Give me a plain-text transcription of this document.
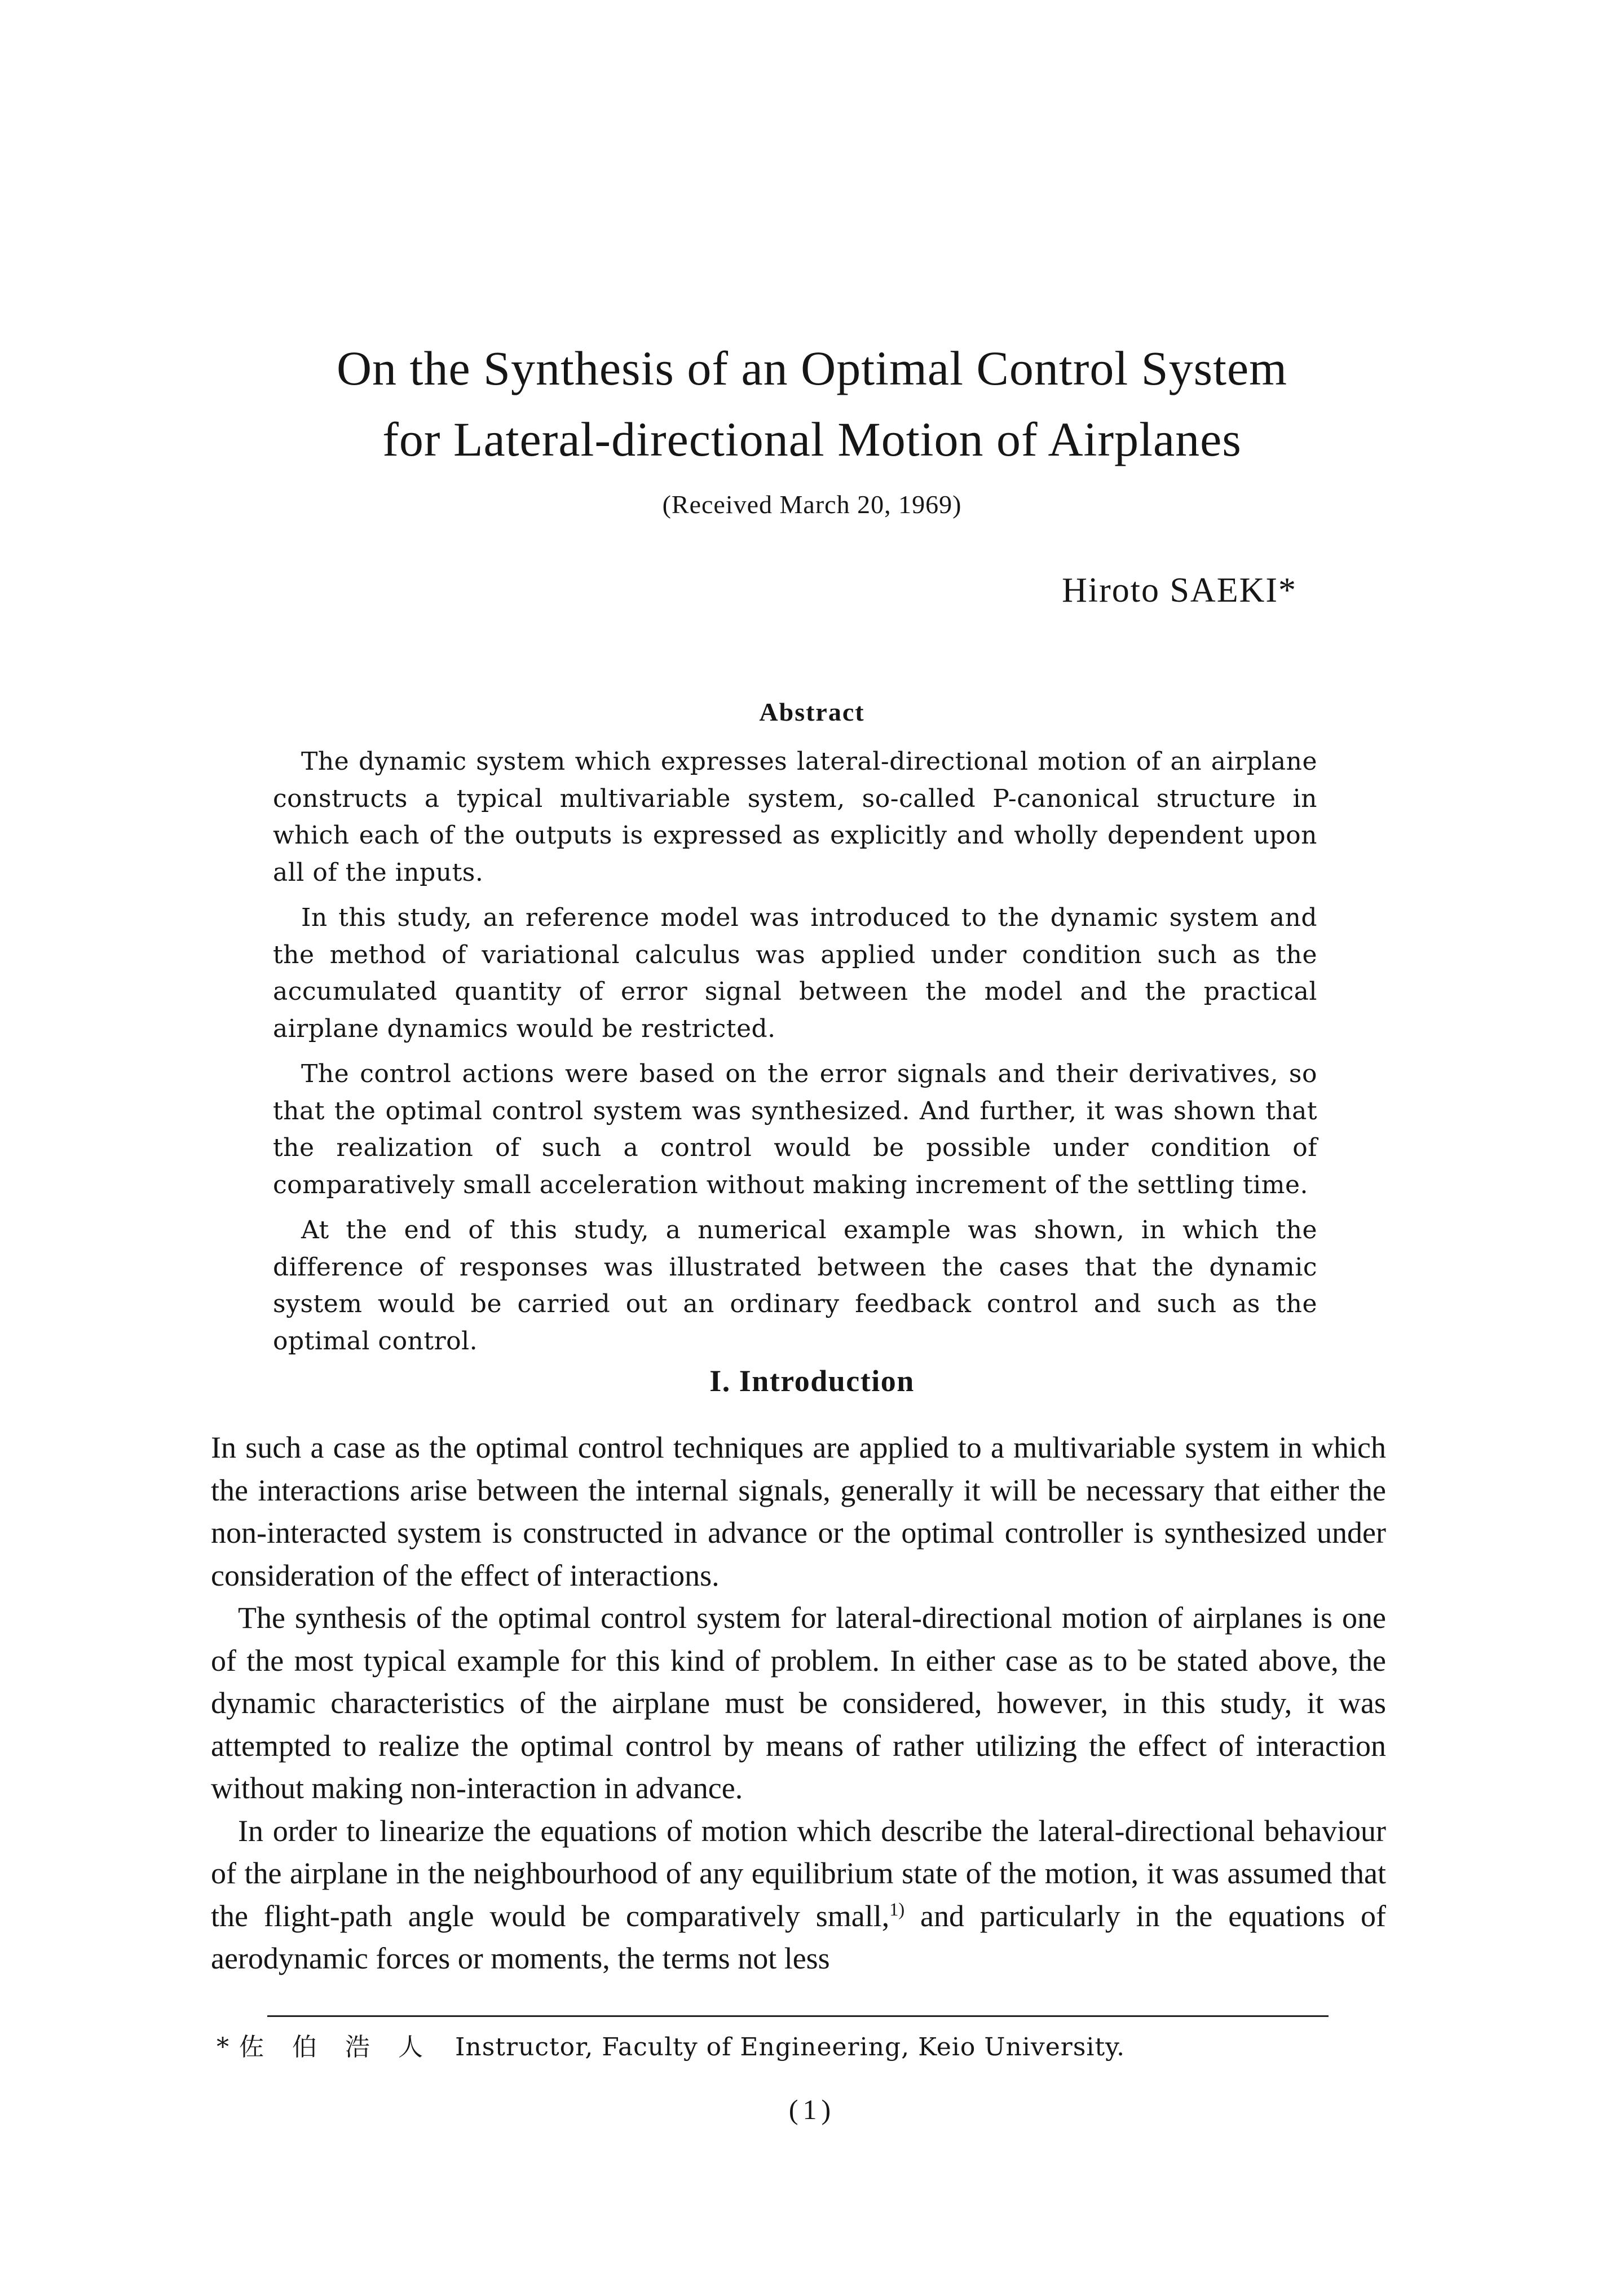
On the Synthesis of an Optimal Control System
for Lateral-directional Motion of Airplanes
(Received March 20, 1969)
Hiroto SAEKI*
Abstract

The dynamic system which expresses lateral-directional motion of an airplane constructs a typical multivariable system, so-called P-canonical structure in which each of the outputs is expressed as explicitly and wholly dependent upon all of the inputs.

In this study, an reference model was introduced to the dynamic system and the method of variational calculus was applied under condition such as the accumulated quantity of error signal between the model and the practical airplane dynamics would be restricted.

The control actions were based on the error signals and their derivatives, so that the optimal control system was synthesized. And further, it was shown that the realization of such a control would be possible under condition of comparatively small acceleration without making increment of the settling time.

At the end of this study, a numerical example was shown, in which the difference of responses was illustrated between the cases that the dynamic system would be carried out an ordinary feedback control and such as the optimal control.

I. Introduction

In such a case as the optimal control techniques are applied to a multivariable system in which the interactions arise between the internal signals, generally it will be necessary that either the non-interacted system is constructed in advance or the optimal controller is synthesized under consideration of the effect of interactions.

The synthesis of the optimal control system for lateral-directional motion of airplanes is one of the most typical example for this kind of problem. In either case as to be stated above, the dynamic characteristics of the airplane must be considered, however, in this study, it was attempted to realize the optimal control by means of rather utilizing the effect of interaction without making non-interaction in advance.

In order to linearize the equations of motion which describe the lateral-directional behaviour of the airplane in the neighbourhood of any equilibrium state of the motion, it was assumed that the flight-path angle would be comparatively small,$^{1)}$ and particularly in the equations of aerodynamic forces or moments, the terms not less

*佐 伯 浩 人 Instructor, Faculty of Engineering, Keio University.
(1)
